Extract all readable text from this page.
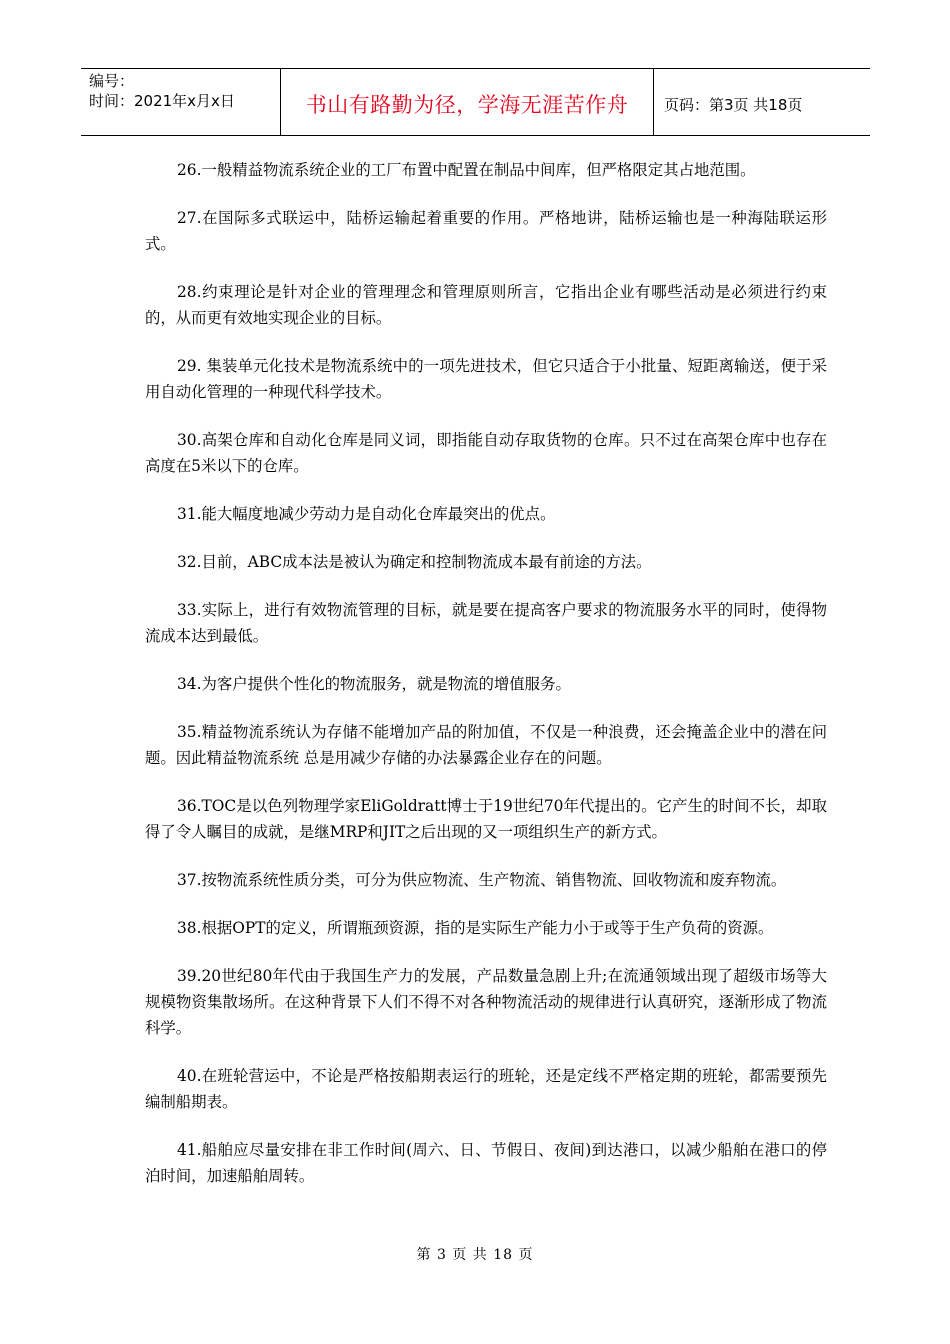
编号：
时间：2021年x月x日	书山有路勤为径，学海无涯苦作舟	页码：第3页 共18页

26.一般精益物流系统企业的工厂布置中配置在制品中间库，但严格限定其占地范围。

27.在国际多式联运中，陆桥运输起着重要的作用。严格地讲，陆桥运输也是一种海陆联运形式。

28.约束理论是针对企业的管理理念和管理原则所言，它指出企业有哪些活动是必须进行约束的，从而更有效地实现企业的目标。

29. 集装单元化技术是物流系统中的一项先进技术，但它只适合于小批量、短距离输送，便于采用自动化管理的一种现代科学技术。

30.高架仓库和自动化仓库是同义词，即指能自动存取货物的仓库。只不过在高架仓库中也存在高度在5米以下的仓库。

31.能大幅度地减少劳动力是自动化仓库最突出的优点。

32.目前，ABC成本法是被认为确定和控制物流成本最有前途的方法。

33.实际上，进行有效物流管理的目标，就是要在提高客户要求的物流服务水平的同时，使得物流成本达到最低。

34.为客户提供个性化的物流服务，就是物流的增值服务。

35.精益物流系统认为存储不能增加产品的附加值，不仅是一种浪费，还会掩盖企业中的潜在问题。因此精益物流系统 总是用减少存储的办法暴露企业存在的问题。

36.TOC是以色列物理学家EliGoldratt博士于19世纪70年代提出的。它产生的时间不长，却取得了令人瞩目的成就，是继MRP和JIT之后出现的又一项组织生产的新方式。

37.按物流系统性质分类，可分为供应物流、生产物流、销售物流、回收物流和废弃物流。

38.根据OPT的定义，所谓瓶颈资源，指的是实际生产能力小于或等于生产负荷的资源。

39.20世纪80年代由于我国生产力的发展，产品数量急剧上升;在流通领域出现了超级市场等大规模物资集散场所。在这种背景下人们不得不对各种物流活动的规律进行认真研究，逐渐形成了物流科学。

40.在班轮营运中，不论是严格按船期表运行的班轮，还是定线不严格定期的班轮，都需要预先编制船期表。

41.船舶应尽量安排在非工作时间(周六、日、节假日、夜间)到达港口，以减少船舶在港口的停泊时间，加速船舶周转。

第 3 页 共 18 页
